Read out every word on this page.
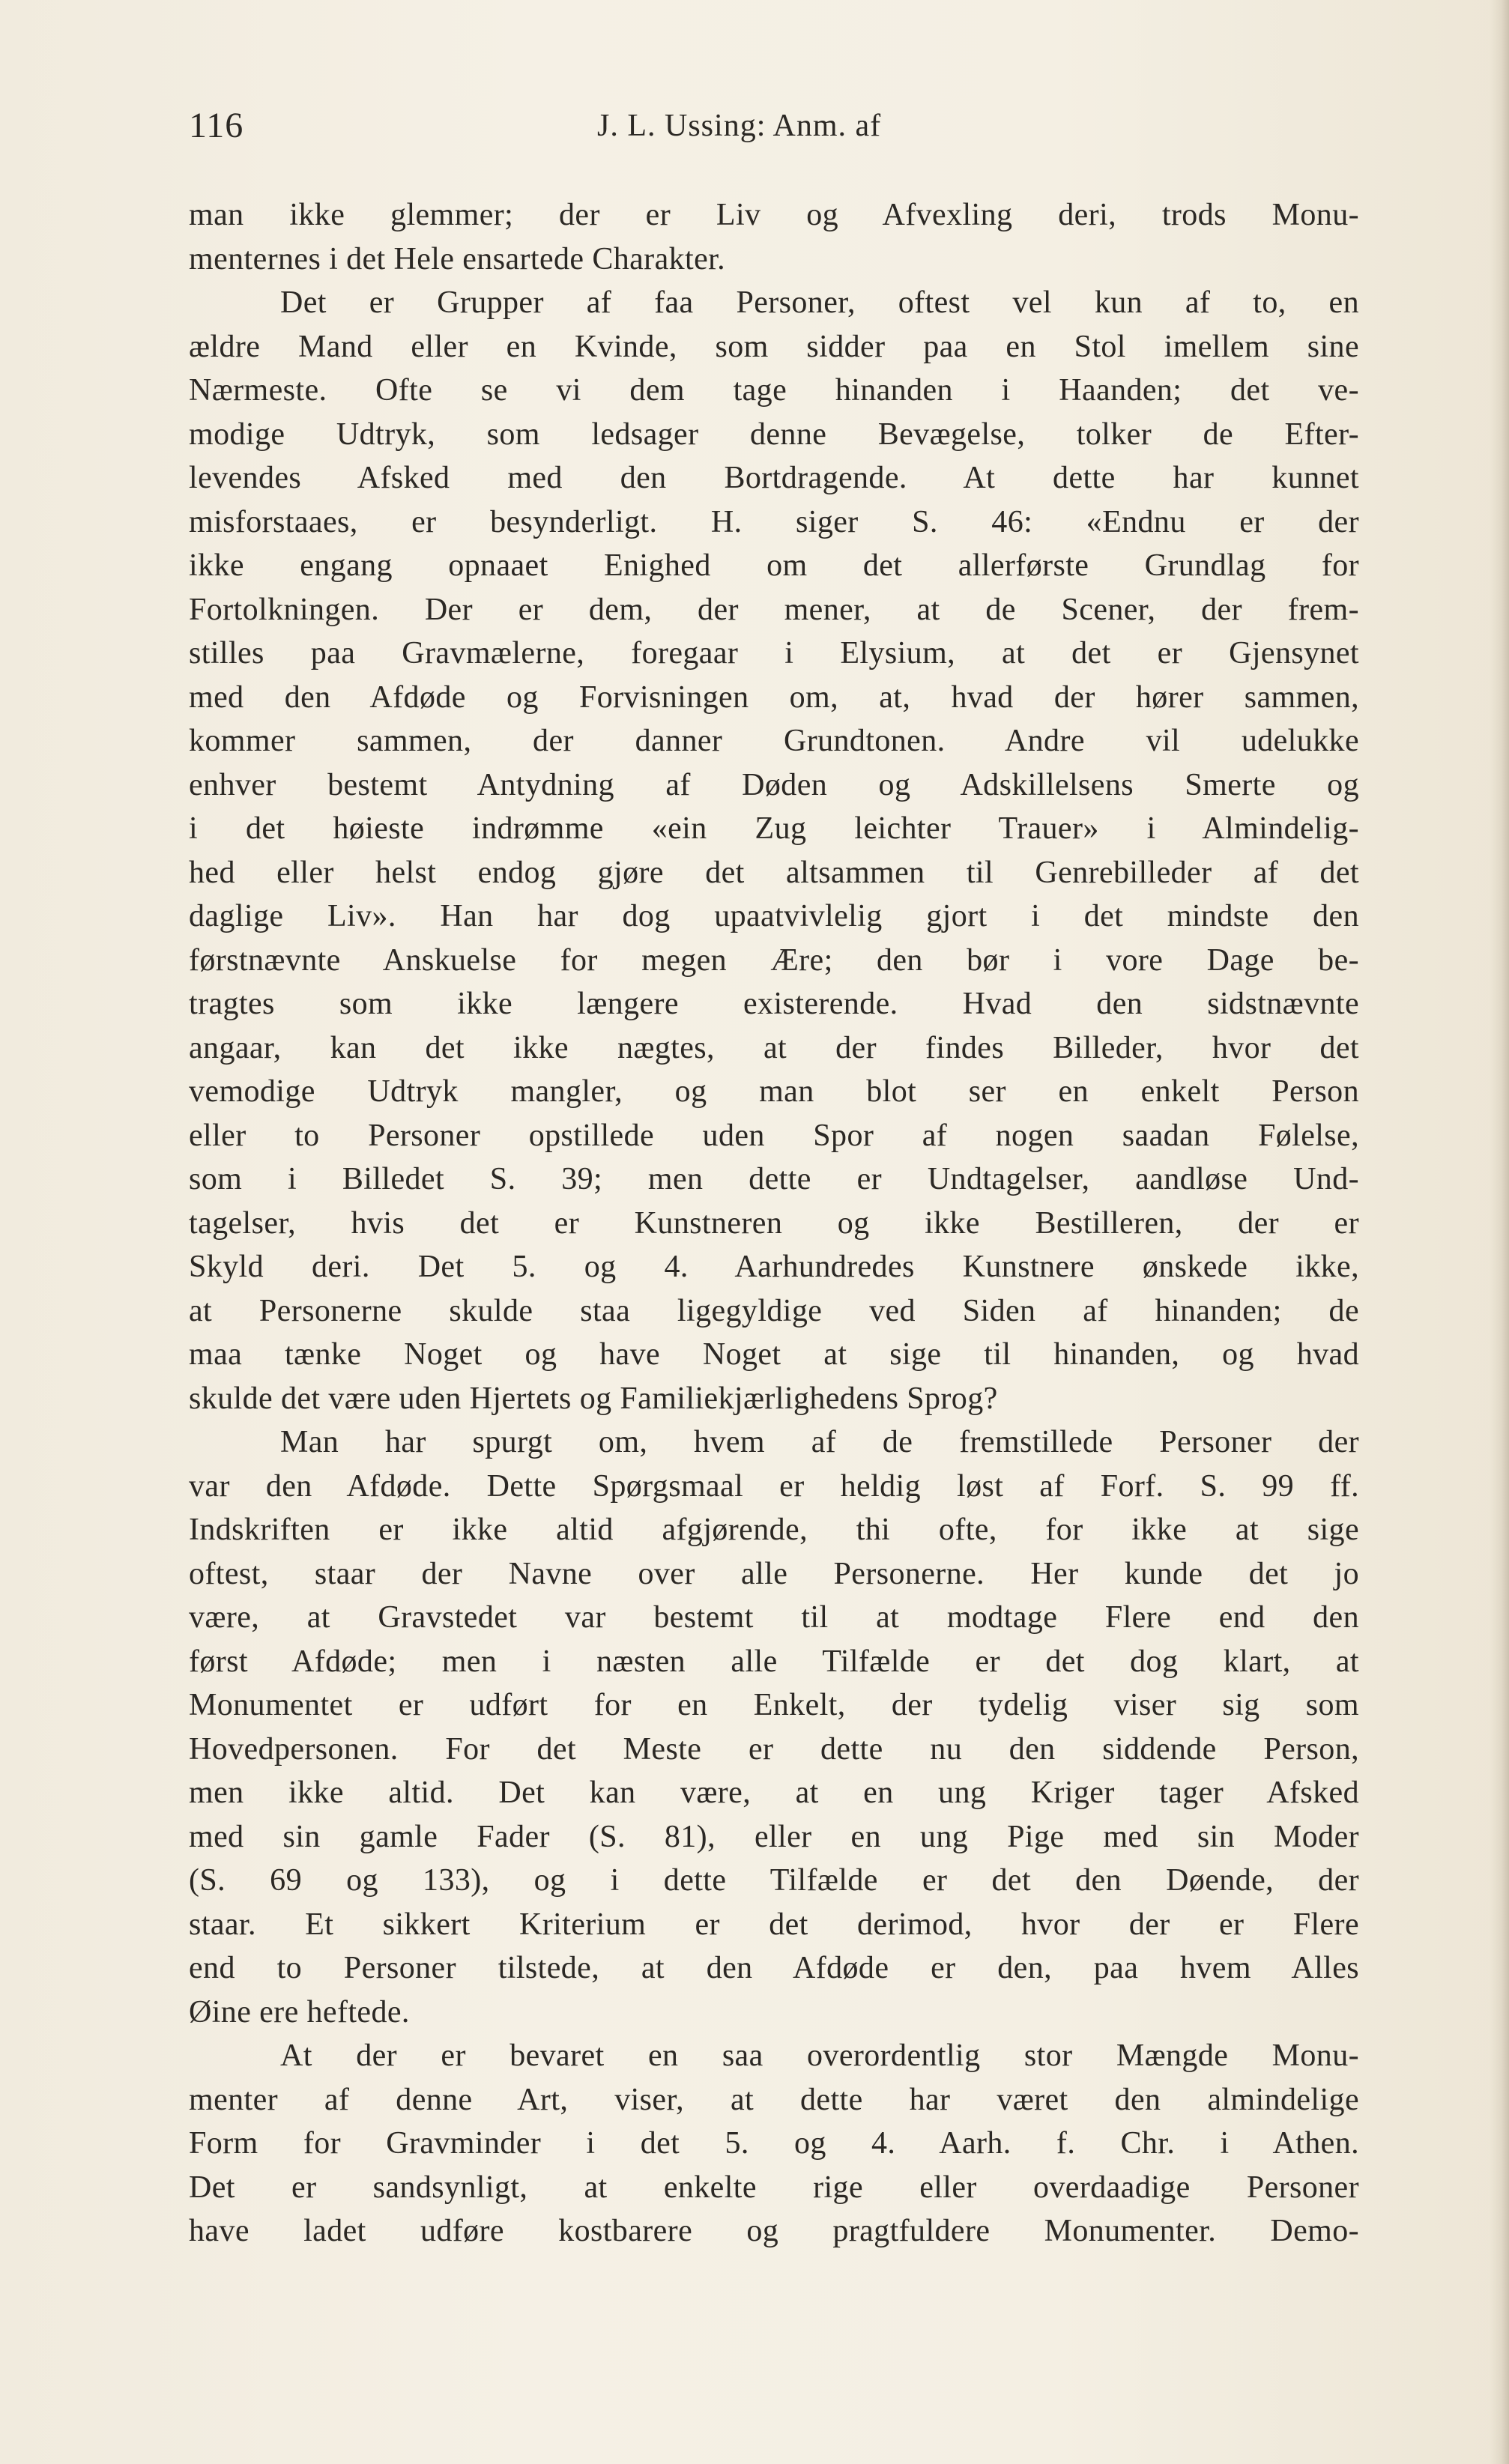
116	J. L. Ussing: Anm. af
man ikke glemmer; der er Liv og Afvexling deri, trods Monu-
menternes i det Hele ensartede Charakter.
Det er Grupper af faa Personer, oftest vel kun af to, en
ældre Mand eller en Kvinde, som sidder paa en Stol imellem sine
Nærmeste. Ofte se vi dem tage hinanden i Haanden; det ve-
modige Udtryk, som ledsager denne Bevægelse, tolker de Efter-
levendes Afsked med den Bortdragende. At dette har kunnet
misforstaaes, er besynderligt. H. siger S. 46: «Endnu er der
ikke engang opnaaet Enighed om det allerførste Grundlag for
Fortolkningen. Der er dem, der mener, at de Scener, der frem-
stilles paa Gravmælerne, foregaar i Elysium, at det er Gjensynet
med den Afdøde og Forvisningen om, at, hvad der hører sammen,
kommer sammen, der danner Grundtonen. Andre vil udelukke
enhver bestemt Antydning af Døden og Adskillelsens Smerte og
i det høieste indrømme «ein Zug leichter Trauer» i Almindelig-
hed eller helst endog gjøre det altsammen til Genrebilleder af det
daglige Liv». Han har dog upaatvivlelig gjort i det mindste den
førstnævnte Anskuelse for megen Ære; den bør i vore Dage be-
tragtes som ikke længere existerende. Hvad den sidstnævnte
angaar, kan det ikke nægtes, at der findes Billeder, hvor det
vemodige Udtryk mangler, og man blot ser en enkelt Person
eller to Personer opstillede uden Spor af nogen saadan Følelse,
som i Billedet S. 39; men dette er Undtagelser, aandløse Und-
tagelser, hvis det er Kunstneren og ikke Bestilleren, der er
Skyld deri. Det 5. og 4. Aarhundredes Kunstnere ønskede ikke,
at Personerne skulde staa ligegyldige ved Siden af hinanden; de
maa tænke Noget og have Noget at sige til hinanden, og hvad
skulde det være uden Hjertets og Familiekjærlighedens Sprog?
Man har spurgt om, hvem af de fremstillede Personer der
var den Afdøde. Dette Spørgsmaal er heldig løst af Forf. S. 99 ff.
Indskriften er ikke altid afgjørende, thi ofte, for ikke at sige
oftest, staar der Navne over alle Personerne. Her kunde det jo
være, at Gravstedet var bestemt til at modtage Flere end den
først Afdøde; men i næsten alle Tilfælde er det dog klart, at
Monumentet er udført for en Enkelt, der tydelig viser sig som
Hovedpersonen. For det Meste er dette nu den siddende Person,
men ikke altid. Det kan være, at en ung Kriger tager Afsked
med sin gamle Fader (S. 81), eller en ung Pige med sin Moder
(S. 69 og 133), og i dette Tilfælde er det den Døende, der
staar. Et sikkert Kriterium er det derimod, hvor der er Flere
end to Personer tilstede, at den Afdøde er den, paa hvem Alles
Øine ere heftede.
At der er bevaret en saa overordentlig stor Mængde Monu-
menter af denne Art, viser, at dette har været den almindelige
Form for Gravminder i det 5. og 4. Aarh. f. Chr. i Athen.
Det er sandsynligt, at enkelte rige eller overdaadige Personer
have ladet udføre kostbarere og pragtfuldere Monumenter. Demo-
